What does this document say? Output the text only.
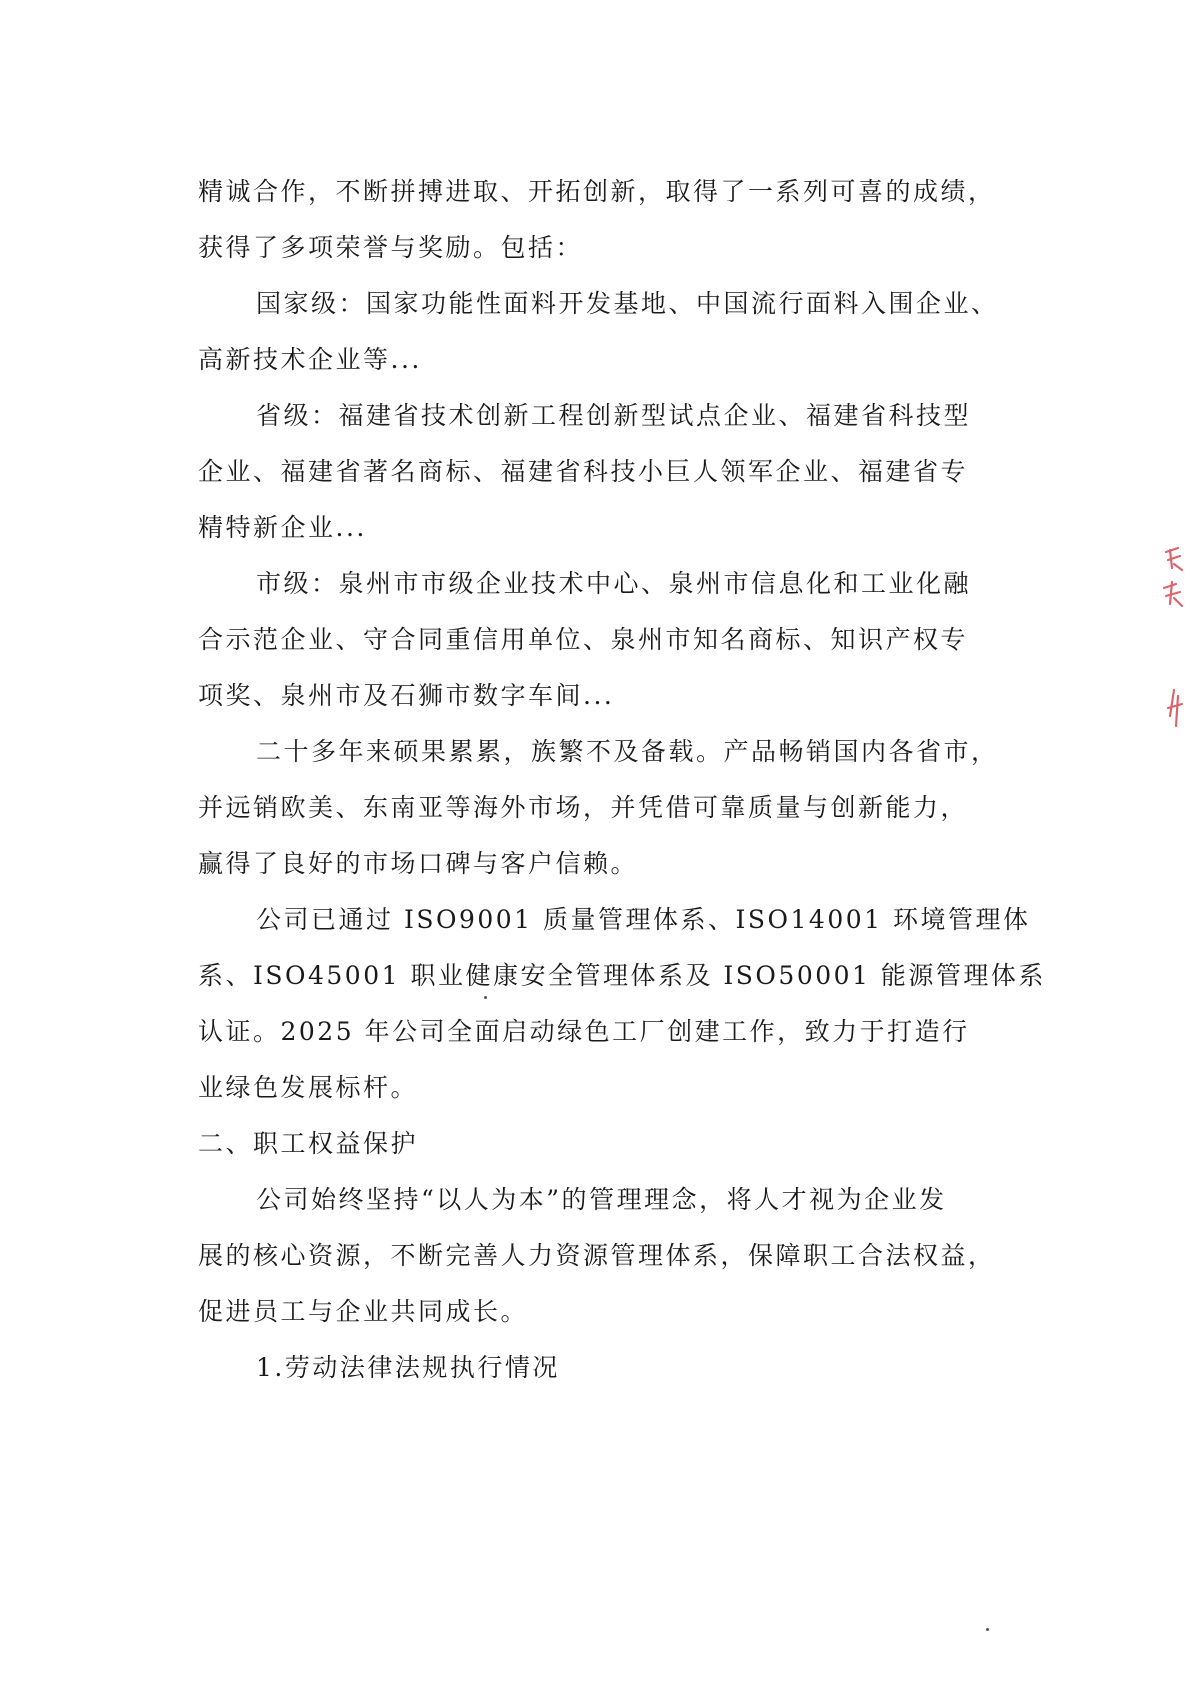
精诚合作，不断拼搏进取、开拓创新，取得了一系列可喜的成绩，
获得了多项荣誉与奖励。包括：
国家级：国家功能性面料开发基地、中国流行面料入围企业、
高新技术企业等...
省级：福建省技术创新工程创新型试点企业、福建省科技型
企业、福建省著名商标、福建省科技小巨人领军企业、福建省专
精特新企业...
市级：泉州市市级企业技术中心、泉州市信息化和工业化融
合示范企业、守合同重信用单位、泉州市知名商标、知识产权专
项奖、泉州市及石狮市数字车间...
二十多年来硕果累累，族繁不及备载。产品畅销国内各省市，
并远销欧美、东南亚等海外市场，并凭借可靠质量与创新能力，
赢得了良好的市场口碑与客户信赖。
公司已通过 ISO9001 质量管理体系、ISO14001 环境管理体
系、ISO45001 职业健康安全管理体系及 ISO50001 能源管理体系
认证。2025 年公司全面启动绿色工厂创建工作，致力于打造行
业绿色发展标杆。
二、职工权益保护
公司始终坚持“以人为本”的管理理念，将人才视为企业发
展的核心资源，不断完善人力资源管理体系，保障职工合法权益，
促进员工与企业共同成长。
1.劳动法律法规执行情况
